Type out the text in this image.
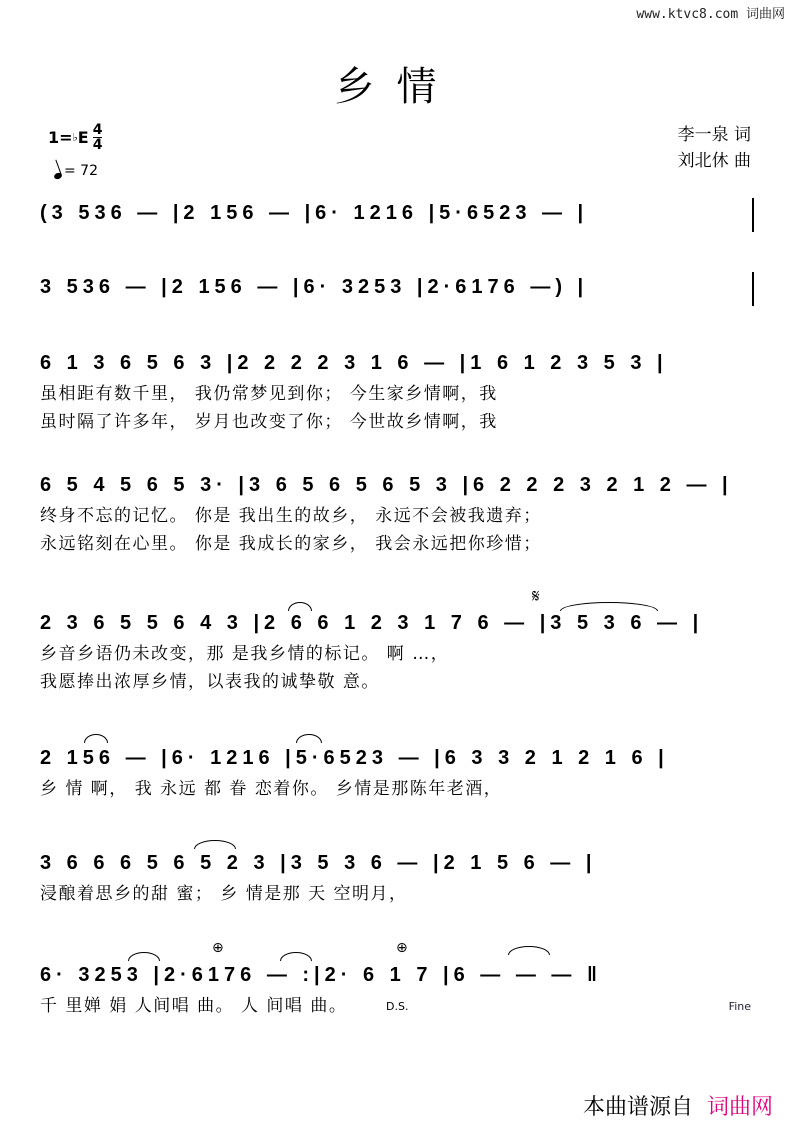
www.ktvc8.com 词曲网
乡情
1= ♭ E 4
4
= 72
李一泉 词
刘北休 曲
(3 536 — |2 156 — |6· 1216 |5·6523 — |
3 536 — |2 156 — |6· 3253 |2·6176 —) |
6 1 3 6 5 6 3 |2 2 2 2 3 1 6 — |1 6 1 2 3 5 3 |
虽相距有数千里， 我仍常梦见到你； 今生家乡情啊，我
虽时隔了许多年， 岁月也改变了你； 今世故乡情啊，我
6 5 4 5 6 5 3· |3 6 5 6 5 6 5 3 |6 2 2 2 3 2 1 2 — |
终身不忘的记忆。 你是 我出生的故乡， 永远不会被我遗弃；
永远铭刻在心里。 你是 我成长的家乡， 我会永远把你珍惜；
𝄋
2 3 6 5 5 6 4 3 |2 6 6 1 2 3 1 7 6 — |3 5 3 6 — |
乡音乡语仍未改变，那 是我乡情的标记。 啊 …，
我愿捧出浓厚乡情，以表我的诚挚敬 意。
2 156 — |6· 1216 |5·6523 — |6 3 3 2 1 2 1 6 |
乡 情 啊， 我 永远 都 眷 恋着你。 乡情是那陈年老酒，
3 6 6 6 5 6 5 2 3 |3 5 3 6 — |2 1 5 6 — |
浸酿着思乡的甜 蜜； 乡 情是那 天 空明月，
⊕	⊕
6· 3253 |2·6176 — :|2· 6 1 7 |6 — — — ‖
千 里婵 娟 人间唱 曲。 人 间唱 曲。	D.S.	Fine
本曲谱源自 词曲网
